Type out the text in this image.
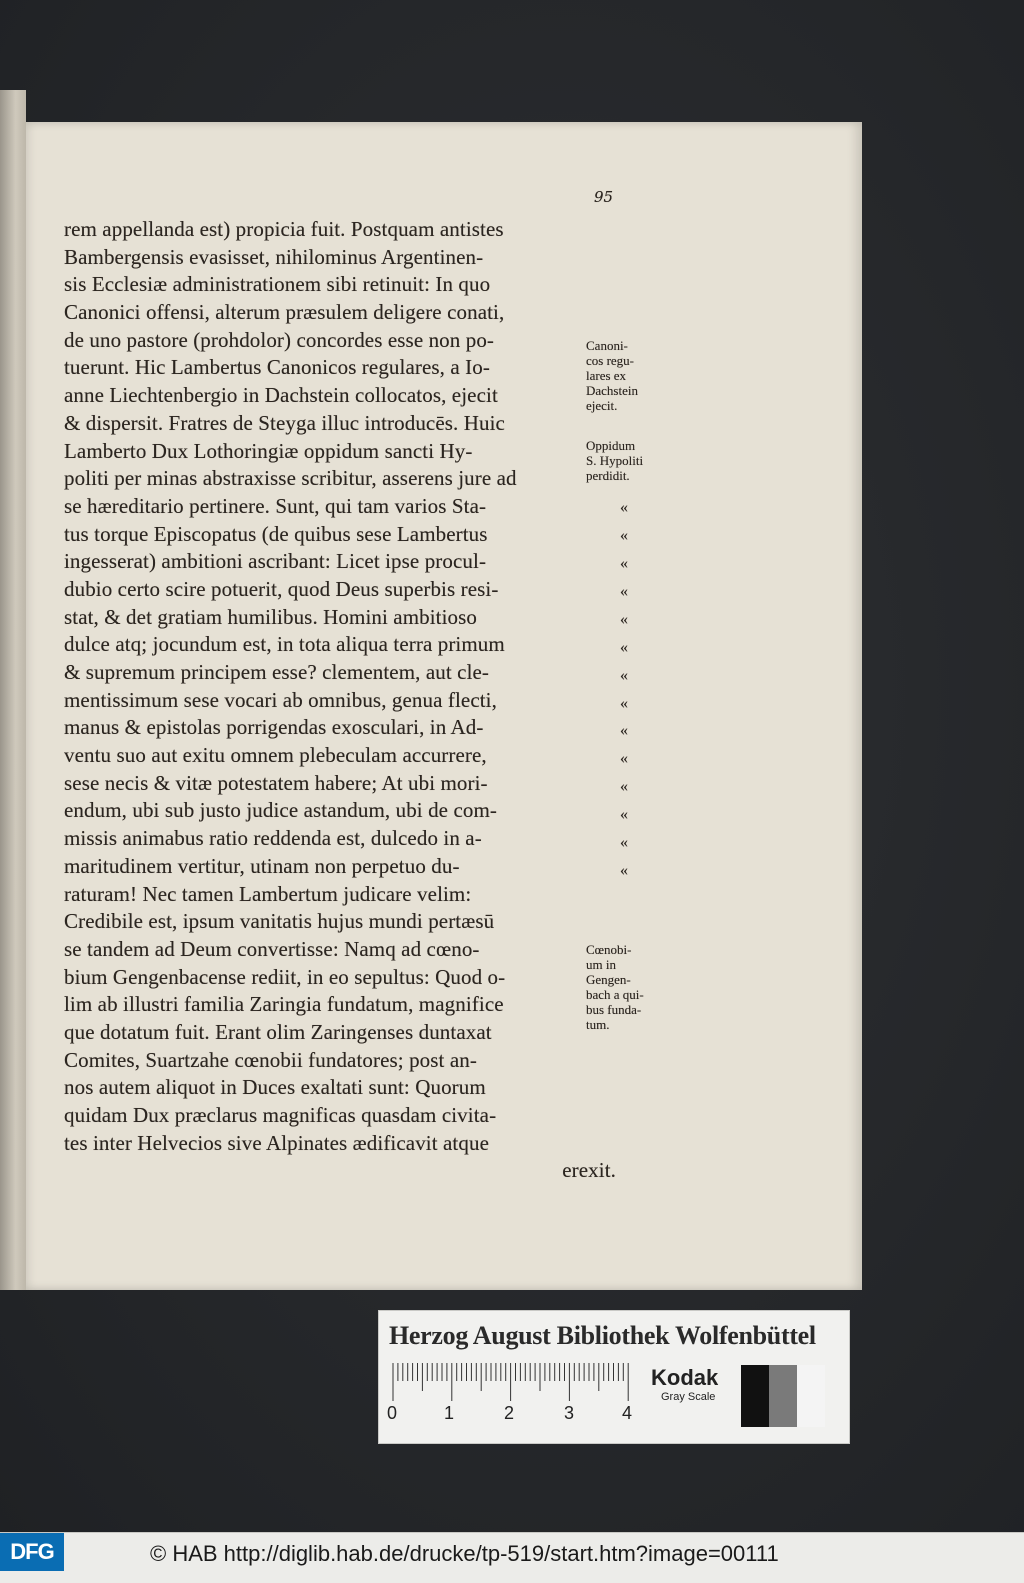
95
rem appellanda est) propicia fuit. Postquam antistes
Bambergensis evasisset, nihilominus Argentinen-
sis Ecclesiæ administrationem sibi retinuit: In quo
Canonici offensi, alterum præsulem deligere conati,
de uno pastore (prohdolor) concordes esse non po-
tuerunt. Hic Lambertus Canonicos regulares, a Io-
anne Liechtenbergio in Dachstein collocatos, ejecit
& dispersit. Fratres de Steyga illuc introducēs. Huic
Lamberto Dux Lothoringiæ oppidum sancti Hy-
politi per minas abstraxisse scribitur, asserens jure ad
se hæreditario pertinere. Sunt, qui tam varios Sta-
tus torque Episcopatus (de quibus sese Lambertus
ingesserat) ambitioni ascribant: Licet ipse procul-
dubio certo scire potuerit, quod Deus superbis resi-
stat, & det gratiam humilibus. Homini ambitioso
dulce atq; jocundum est, in tota aliqua terra primum
& supremum principem esse? clementem, aut cle-
mentissimum sese vocari ab omnibus, genua flecti,
manus & epistolas porrigendas exosculari, in Ad-
ventu suo aut exitu omnem plebeculam accurrere,
sese necis & vitæ potestatem habere; At ubi mori-
endum, ubi sub justo judice astandum, ubi de com-
missis animabus ratio reddenda est, dulcedo in a-
maritudinem vertitur, utinam non perpetuo du-
raturam! Nec tamen Lambertum judicare velim:
Credibile est, ipsum vanitatis hujus mundi pertæsū
se tandem ad Deum convertisse: Namq ad cœno-
bium Gengenbacense rediit, in eo sepultus: Quod o-
lim ab illustri familia Zaringia fundatum, magnifice
que dotatum fuit. Erant olim Zaringenses duntaxat
Comites, Suartzahe cœnobii fundatores; post an-
nos autem aliquot in Duces exaltati sunt: Quorum
quidam Dux præclarus magnificas quasdam civita-
tes inter Helvecios sive Alpinates ædificavit atque
erexit.
«
«
«
«
«
«
«
«
«
«
«
«
«
«
Canoni-
cos regu-
lares ex
Dachstein
ejecit.
Oppidum
S. Hypoliti
perdidit.
Cœnobi-
um in
Gengen-
bach a qui-
bus funda-
tum.
Herzog August Bibliothek Wolfenbüttel
0	1	2	3	4
Kodak
Gray Scale
DFG	© HAB http://diglib.hab.de/drucke/tp-519/start.htm?image=00111
